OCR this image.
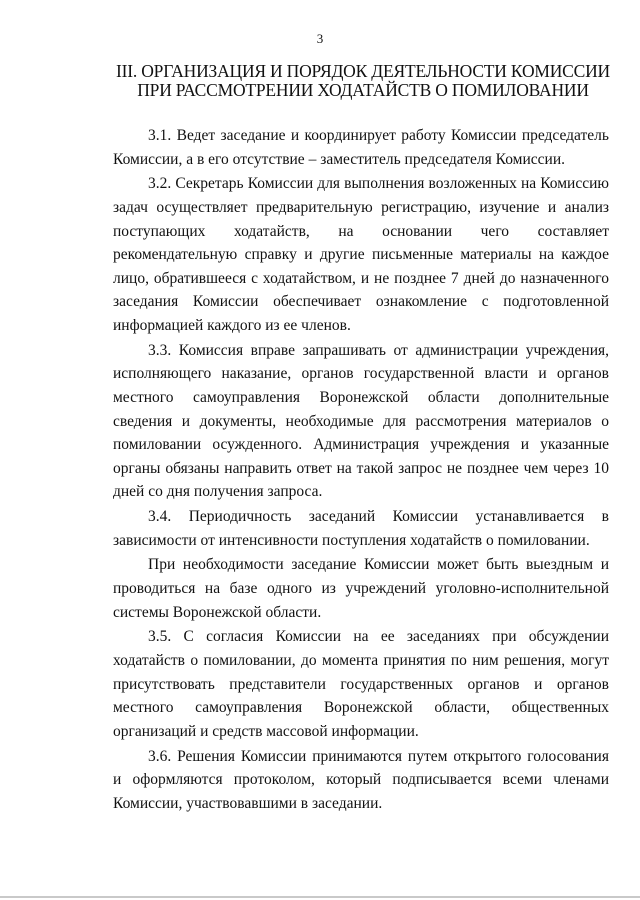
3
III. ОРГАНИЗАЦИЯ И ПОРЯДОК ДЕЯТЕЛЬНОСТИ КОМИССИИ
ПРИ РАССМОТРЕНИИ ХОДАТАЙСТВ О ПОМИЛОВАНИИ

3.1. Ведет заседание и координирует работу Комиссии председатель Комиссии, а в его отсутствие – заместитель председателя Комиссии.

3.2. Секретарь Комиссии для выполнения возложенных на Комиссию задач осуществляет предварительную регистрацию, изучение и анализ поступающих ходатайств, на основании чего составляет рекомендательную справку и другие письменные материалы на каждое лицо, обратившееся с ходатайством, и не позднее 7 дней до назначенного заседания Комиссии обеспечивает ознакомление с подготовленной информацией каждого из ее членов.

3.3. Комиссия вправе запрашивать от администрации учреждения, исполняющего наказание, органов государственной власти и органов местного самоуправления Воронежской области дополнительные сведения и документы, необходимые для рассмотрения материалов о помиловании осужденного. Администрация учреждения и указанные органы обязаны направить ответ на такой запрос не позднее чем через 10 дней со дня получения запроса.

3.4. Периодичность заседаний Комиссии устанавливается в зависимости от интенсивности поступления ходатайств о помиловании.

При необходимости заседание Комиссии может быть выездным и проводиться на базе одного из учреждений уголовно-исполнительной системы Воронежской области.

3.5. С согласия Комиссии на ее заседаниях при обсуждении ходатайств о помиловании, до момента принятия по ним решения, могут присутствовать представители государственных органов и органов местного самоуправления Воронежской области, общественных организаций и средств массовой информации.

3.6. Решения Комиссии принимаются путем открытого голосования и оформляются протоколом, который подписывается всеми членами Комиссии, участвовавшими в заседании.
